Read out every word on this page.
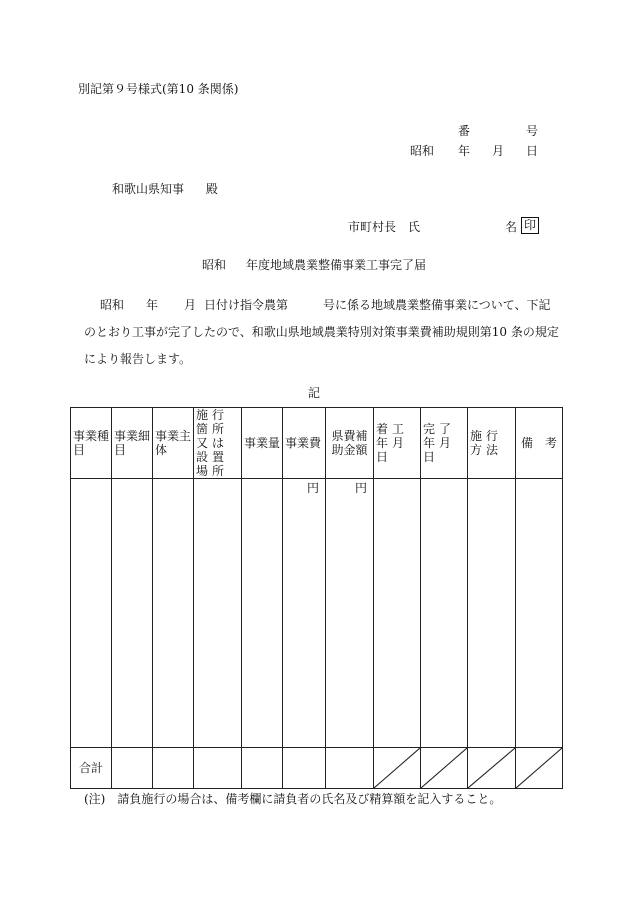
別記第９号様式(第10 条関係)
番	号
昭和 年 月 日
和歌山県知事 殿
市町村長　氏	名 印
昭和 年度地域農業整備事業工事完了届
昭和 年 月 日付け指令農第	号に係る地域農業整備事業について、下記
のとおり工事が完了したので、和歌山県地域農業特別対策事業費補助規則第10 条の規定
により報告します。
記
事業種目	事業細目	事業主体	施行箇所又は設置場所	事業量	事業費	県費補助金額	着工年月日	完了年月日	施行方法	備　考
					円	円				
合計							

(注)　請負施行の場合は、備考欄に請負者の氏名及び精算額を記入すること。
